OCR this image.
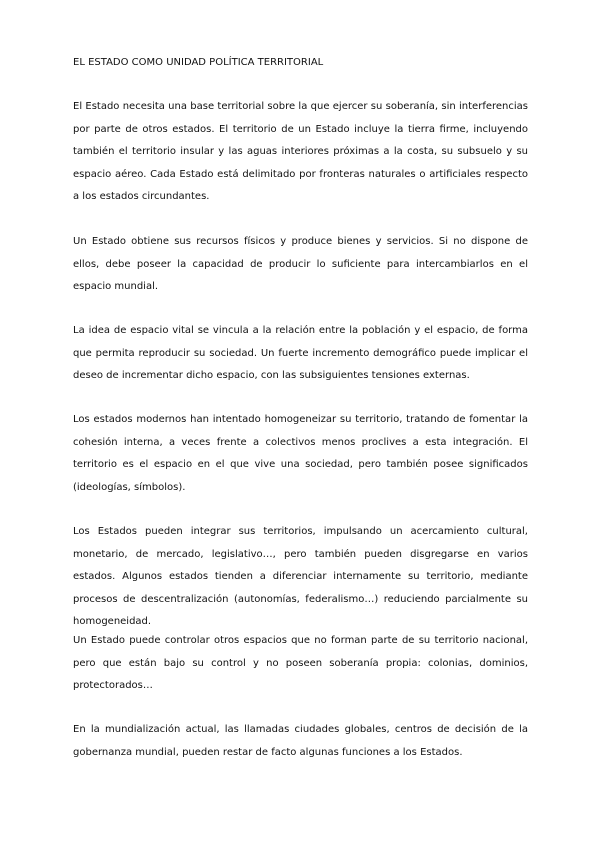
EL ESTADO COMO UNIDAD POLÍTICA TERRITORIAL

El Estado necesita una base territorial sobre la que ejercer su soberanía, sin interferencias por parte de otros estados. El territorio de un Estado incluye la tierra firme, incluyendo también el territorio insular y las aguas interiores próximas a la costa, su subsuelo y su espacio aéreo. Cada Estado está delimitado por fronteras naturales o artificiales respecto a los estados circundantes.

Un Estado obtiene sus recursos físicos y produce bienes y servicios. Si no dispone de ellos, debe poseer la capacidad de producir lo suficiente para intercambiarlos en el espacio mundial.

La idea de espacio vital se vincula a la relación entre la población y el espacio, de forma que permita reproducir su sociedad. Un fuerte incremento demográfico puede implicar el deseo de incrementar dicho espacio, con las subsiguientes tensiones externas.

Los estados modernos han intentado homogeneizar su territorio, tratando de fomentar la cohesión interna, a veces frente a colectivos menos proclives a esta integración. El territorio es el espacio en el que vive una sociedad, pero también posee significados (ideologías, símbolos).

Los Estados pueden integrar sus territorios, impulsando un acercamiento cultural, monetario, de mercado, legislativo…, pero también pueden disgregarse en varios estados. Algunos estados tienden a diferenciar internamente su territorio, mediante procesos de descentralización (autonomías, federalismo…) reduciendo parcialmente su homogeneidad.

Un Estado puede controlar otros espacios que no forman parte de su territorio nacional, pero que están bajo su control y no poseen soberanía propia: colonias, dominios, protectorados…

En la mundialización actual, las llamadas ciudades globales, centros de decisión de la gobernanza mundial, pueden restar de facto algunas funciones a los Estados.
